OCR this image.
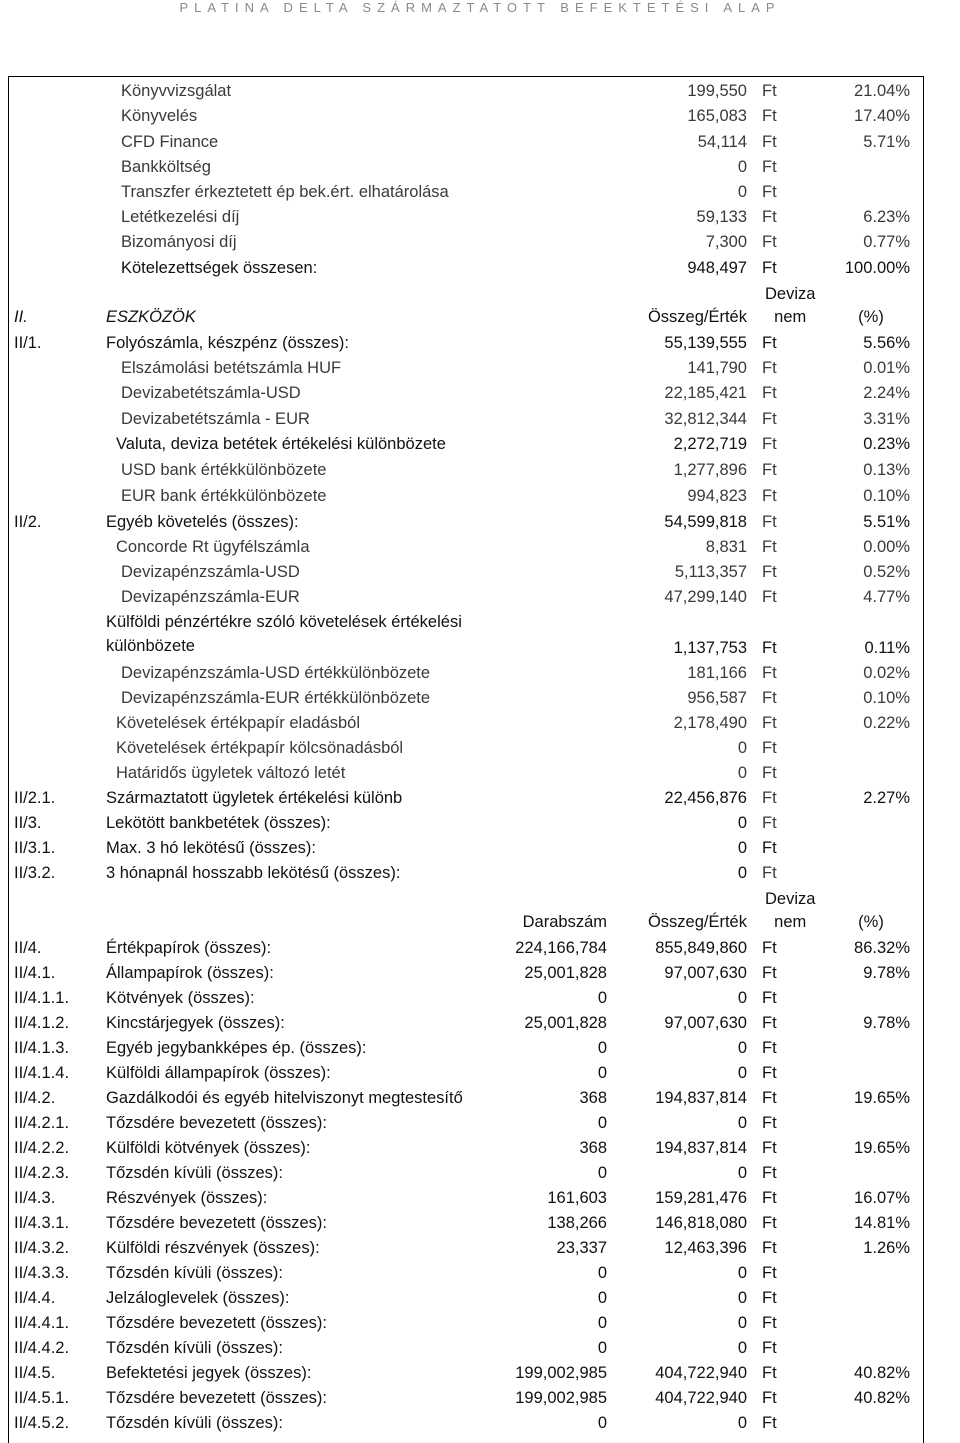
PLATINA DELTA SZÁRMAZTATOTT BEFEKTETÉSI ALAP
Könyvvizsgálat	199,550 Ft	21.04%
Könyvelés	165,083 Ft	17.40%
CFD Finance	54,114 Ft	5.71%
Bankköltség	0 Ft
Transzfer érkeztetett ép bek.ért. elhatárolása	0 Ft
Letétkezelési díj	59,133 Ft	6.23%
Bizományosi díj	7,300 Ft	0.77%
Kötelezettségek összesen:	948,497 Ft	100.00%
II.	ESZKÖZÖK	Összeg/Érték
Deviza
nem	(%)
II/1.	Folyószámla, készpénz (összes):	55,139,555 Ft	5.56%
Elszámolási betétszámla HUF	141,790 Ft	0.01%
Devizabetétszámla-USD	22,185,421 Ft	2.24%
Devizabetétszámla - EUR	32,812,344 Ft	3.31%
Valuta, deviza betétek értékelési különbözete	2,272,719 Ft	0.23%
USD bank értékkülönbözete	1,277,896 Ft	0.13%
EUR bank értékkülönbözete	994,823 Ft	0.10%
II/2.	Egyéb követelés (összes):	54,599,818 Ft	5.51%
Concorde Rt ügyfélszámla	8,831 Ft	0.00%
Devizapénzszámla-USD	5,113,357 Ft	0.52%
Devizapénzszámla-EUR	47,299,140 Ft	4.77%
Külföldi pénzértékre szóló követelések értékelési különbözete	1,137,753 Ft	0.11%
Devizapénzszámla-USD értékkülönbözete	181,166 Ft	0.02%
Devizapénzszámla-EUR értékkülönbözete	956,587 Ft	0.10%
Követelések értékpapír eladásból	2,178,490 Ft	0.22%
Követelések értékpapír kölcsönadásból	0 Ft
Határidős ügyletek változó letét	0 Ft
II/2.1.	Származtatott ügyletek értékelési különb	22,456,876 Ft	2.27%
II/3.	Lekötött bankbetétek (összes):	0 Ft
II/3.1.	Max. 3 hó lekötésű (összes):	0 Ft
II/3.2.	3 hónapnál hosszabb lekötésű (összes):	0 Ft
Darabszám	Összeg/Érték
Deviza
nem	(%)
II/4.	Értékpapírok (összes):	224,166,784	855,849,860 Ft	86.32%
II/4.1.	Állampapírok (összes):	25,001,828	97,007,630 Ft	9.78%
II/4.1.1.	Kötvények (összes):	0	0 Ft
II/4.1.2.	Kincstárjegyek (összes):	25,001,828	97,007,630 Ft	9.78%
II/4.1.3.	Egyéb jegybankképes ép. (összes):	0	0 Ft
II/4.1.4.	Külföldi állampapírok (összes):	0	0 Ft
II/4.2.	Gazdálkodói és egyéb hitelviszonyt megtestesítő	368	194,837,814 Ft	19.65%
II/4.2.1.	Tőzsdére bevezetett (összes):	0	0 Ft
II/4.2.2.	Külföldi kötvények (összes):	368	194,837,814 Ft	19.65%
II/4.2.3.	Tőzsdén kívüli (összes):	0	0 Ft
II/4.3.	Részvények (összes):	161,603	159,281,476 Ft	16.07%
II/4.3.1.	Tőzsdére bevezetett (összes):	138,266	146,818,080 Ft	14.81%
II/4.3.2.	Külföldi részvények (összes):	23,337	12,463,396 Ft	1.26%
II/4.3.3.	Tőzsdén kívüli (összes):	0	0 Ft
II/4.4.	Jelzáloglevelek (összes):	0	0 Ft
II/4.4.1.	Tőzsdére bevezetett (összes):	0	0 Ft
II/4.4.2.	Tőzsdén kívüli (összes):	0	0 Ft
II/4.5.	Befektetési jegyek (összes):	199,002,985	404,722,940 Ft	40.82%
II/4.5.1.	Tőzsdére bevezetett (összes):	199,002,985	404,722,940 Ft	40.82%
II/4.5.2.	Tőzsdén kívüli (összes):	0	0 Ft
